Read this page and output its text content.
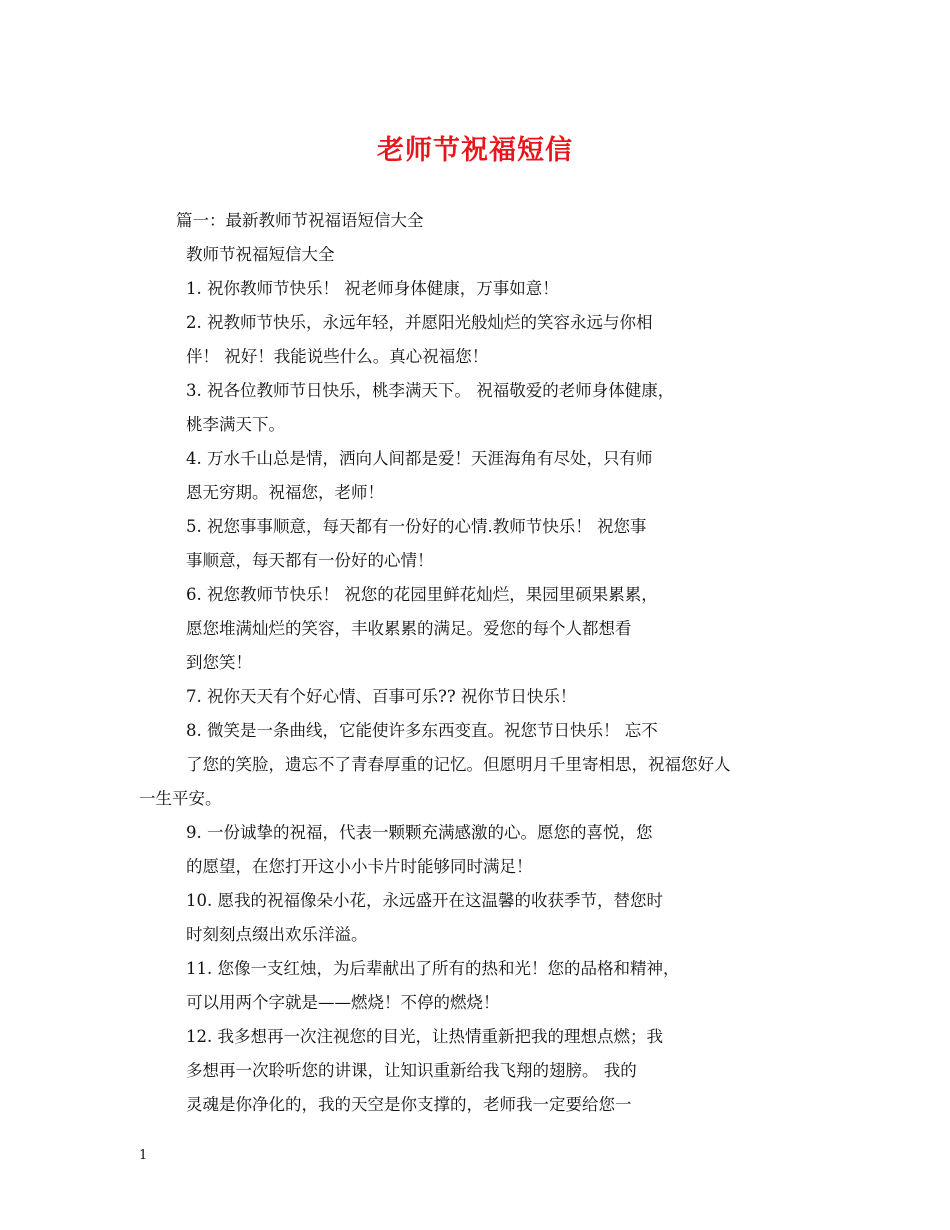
老师节祝福短信

篇一：最新教师节祝福语短信大全

教师节祝福短信大全

1. 祝你教师节快乐！ 祝老师身体健康，万事如意！

2. 祝教师节快乐，永远年轻，并愿阳光般灿烂的笑容永远与你相

伴！ 祝好！我能说些什么。真心祝福您！

3. 祝各位教师节日快乐，桃李满天下。 祝福敬爱的老师身体健康，

桃李满天下。

4. 万水千山总是情，洒向人间都是爱！天涯海角有尽处，只有师

恩无穷期。祝福您，老师！

5. 祝您事事顺意，每天都有一份好的心情.教师节快乐！ 祝您事

事顺意，每天都有一份好的心情！

6. 祝您教师节快乐！ 祝您的花园里鲜花灿烂，果园里硕果累累，

愿您堆满灿烂的笑容，丰收累累的满足。爱您的每个人都想看

到您笑！

7. 祝你天天有个好心情、百事可乐?? 祝你节日快乐！

8. 微笑是一条曲线，它能使许多东西变直。祝您节日快乐！ 忘不

了您的笑脸，遗忘不了青春厚重的记忆。但愿明月千里寄相思，祝福您好人

一生平安。

9. 一份诚挚的祝福，代表一颗颗充满感激的心。愿您的喜悦，您

的愿望，在您打开这小小卡片时能够同时满足！

10. 愿我的祝福像朵小花，永远盛开在这温馨的收获季节，替您时

时刻刻点缀出欢乐洋溢。

11. 您像一支红烛，为后辈献出了所有的热和光！您的品格和精神，

可以用两个字就是——燃烧！不停的燃烧！

12. 我多想再一次注视您的目光，让热情重新把我的理想点燃；我

多想再一次聆听您的讲课，让知识重新给我飞翔的翅膀。 我的

灵魂是你净化的，我的天空是你支撑的，老师我一定要给您一

1
